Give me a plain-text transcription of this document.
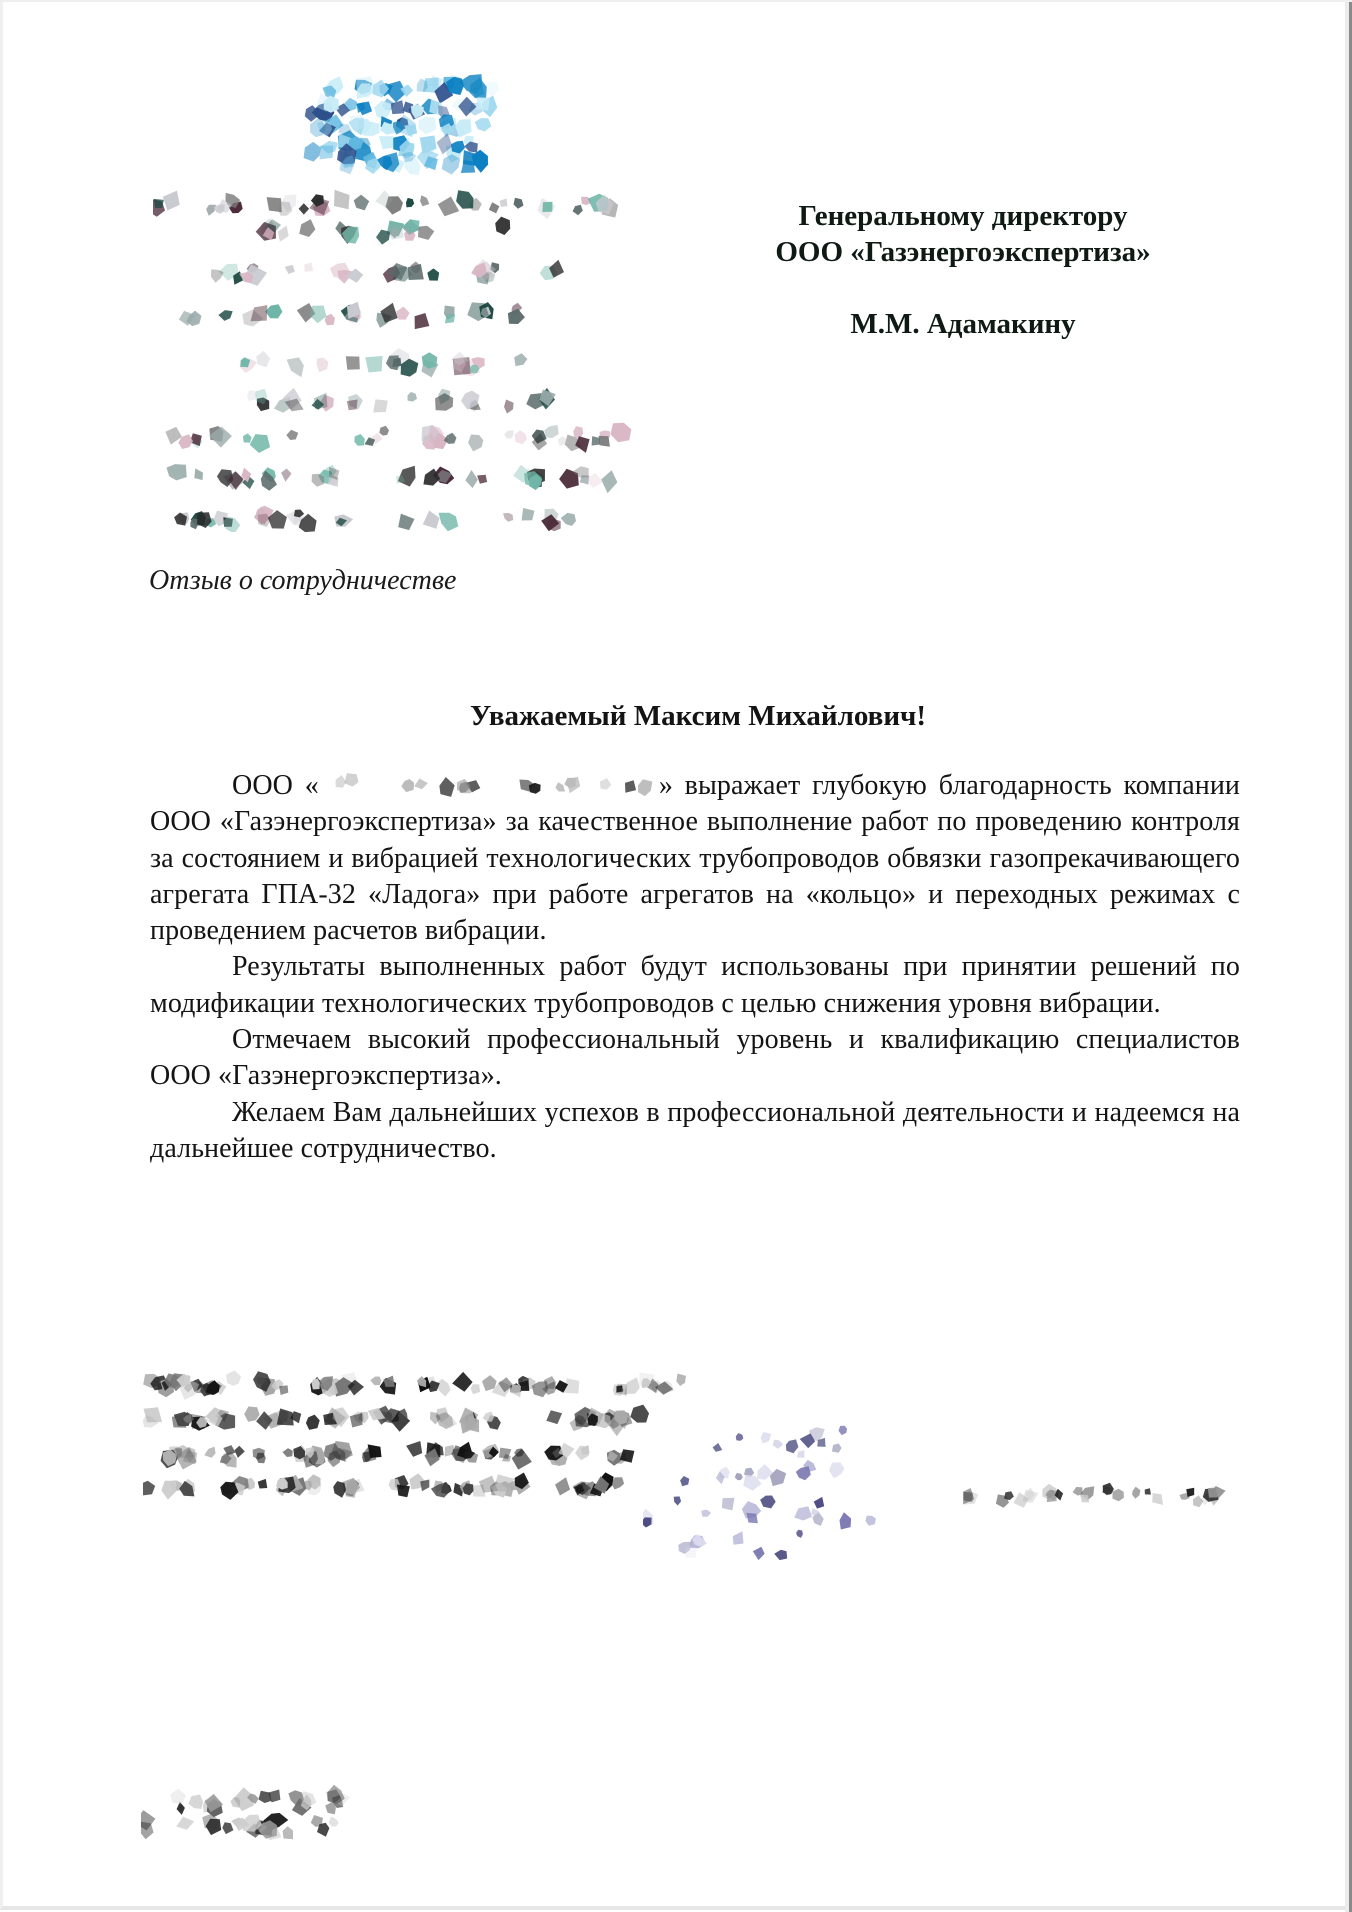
Генеральному директору
ООО «Газэнергоэкспертиза»
М.М. Адамакину
Отзыв о сотрудничестве
Уважаемый Максим Михайлович!

ООО «	» выражает глубокую благодарность компании ООО «Газэнергоэкспертиза» за качественное выполнение работ по проведению контроля за состоянием и вибрацией технологических трубопроводов обвязки газопрекачивающего агрегата ГПА-32 «Ладога» при работе агрегатов на «кольцо» и переходных режимах с проведением расчетов вибрации.

Результаты выполненных работ будут использованы при принятии решений по модификации технологических трубопроводов с целью снижения уровня вибрации.

Отмечаем высокий профессиональный уровень и квалификацию специалистов ООО «Газэнергоэкспертиза».

Желаем Вам дальнейших успехов в профессиональной деятельности и надеемся на дальнейшее сотрудничество.
